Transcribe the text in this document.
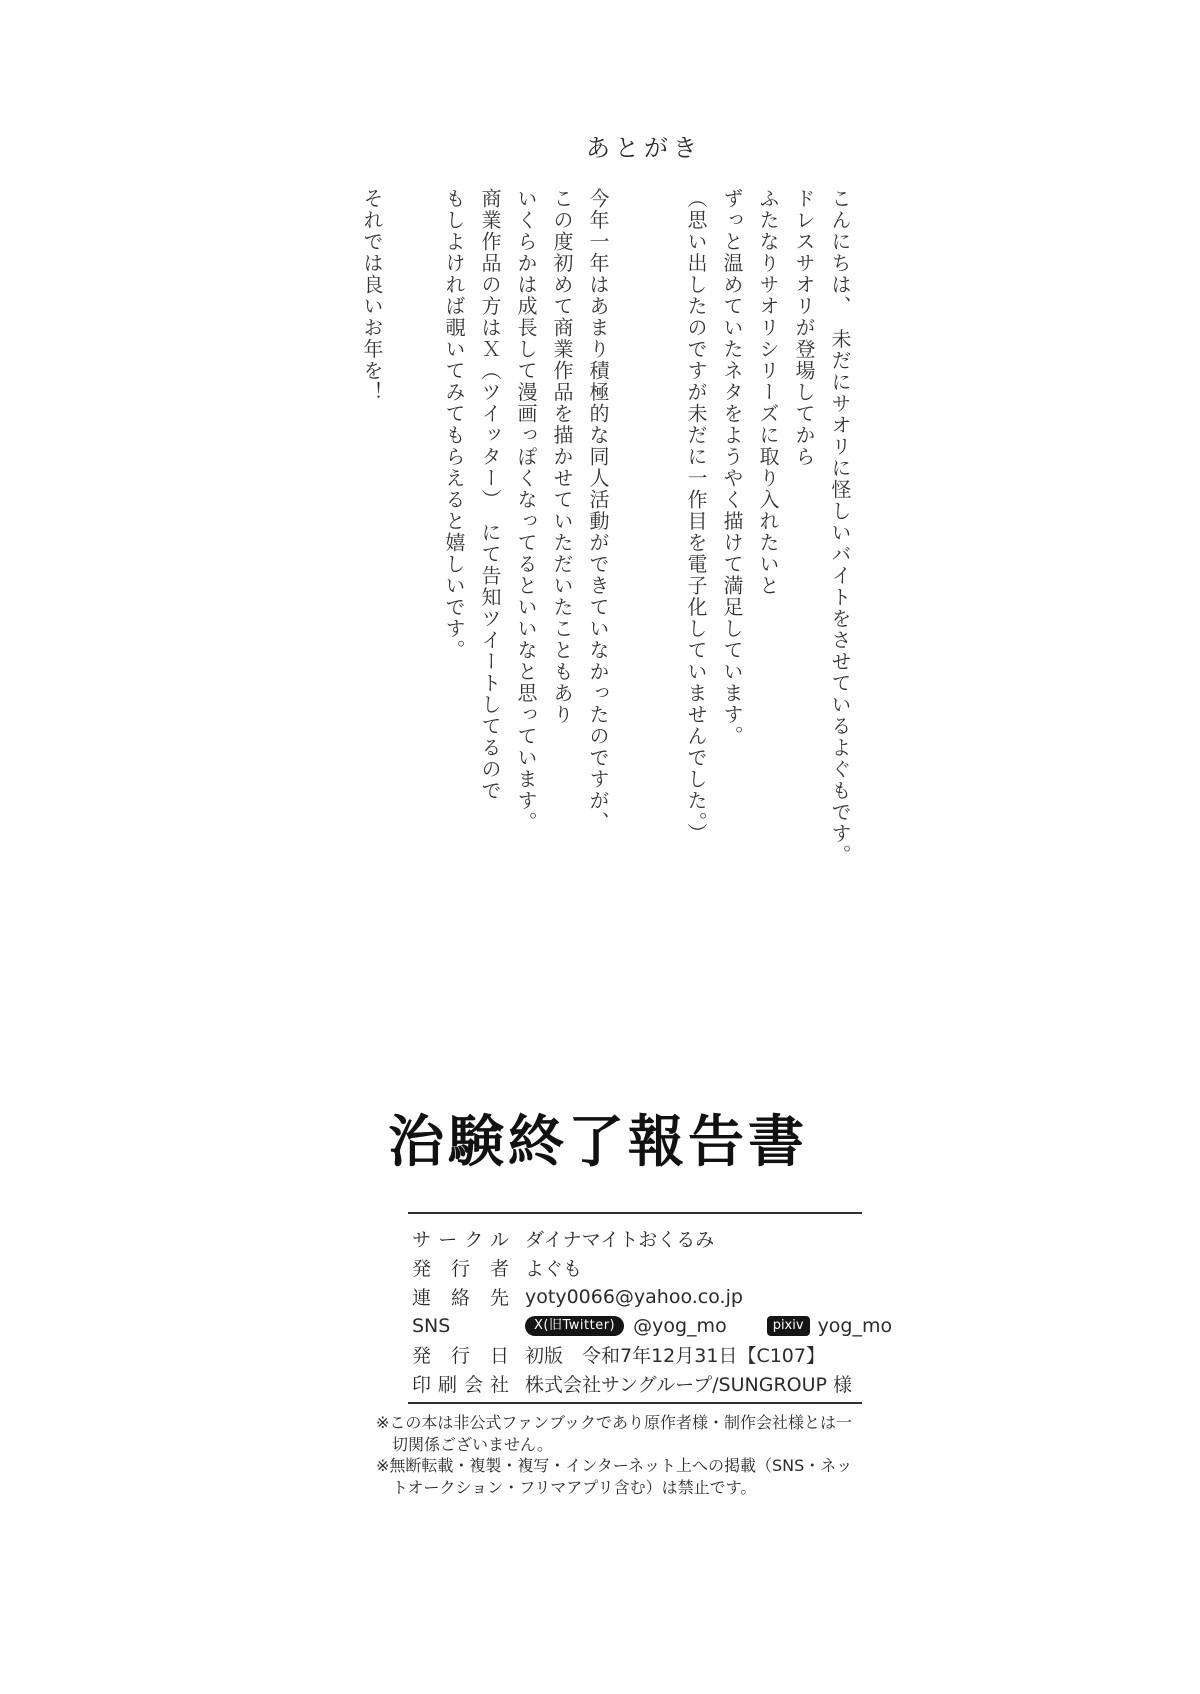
あとがき

こんにちは、　未だにサオリに怪しいバイトをさせているよぐもです。

ドレスサオリが登場してから

ふたなりサオリシリーズに取り入れたいと

ずっと温めていたネタをようやく描けて満足しています。

（思い出したのですが未だに一作目を電子化していませんでした。）

今年一年はあまり積極的な同人活動ができていなかったのですが、

この度初めて商業作品を描かせていただいたこともあり

いくらかは成長して漫画っぽくなってるといいなと思っています。

商業作品の方はＸ（ツイッター）　にて告知ツイートしてるので

もしよければ覗いてみてもらえると嬉しいです。

それでは良いお年を！

治験終了報告書
サークル ダイナマイトおくるみ
発行者 よぐも
連絡先 yoty0066@yahoo.co.jp
SNS	X(旧Twitter) @yog_mo	pixiv yog_mo
発行日 初版　令和7年12月31日【C107】
印刷会社 株式会社サングループ/SUNGROUP 様

※この本は非公式ファンブックであり原作者様・制作会社様とは一切関係ございません。

※無断転載・複製・複写・インターネット上への掲載（SNS・ネットオークション・フリマアプリ含む）は禁止です。
